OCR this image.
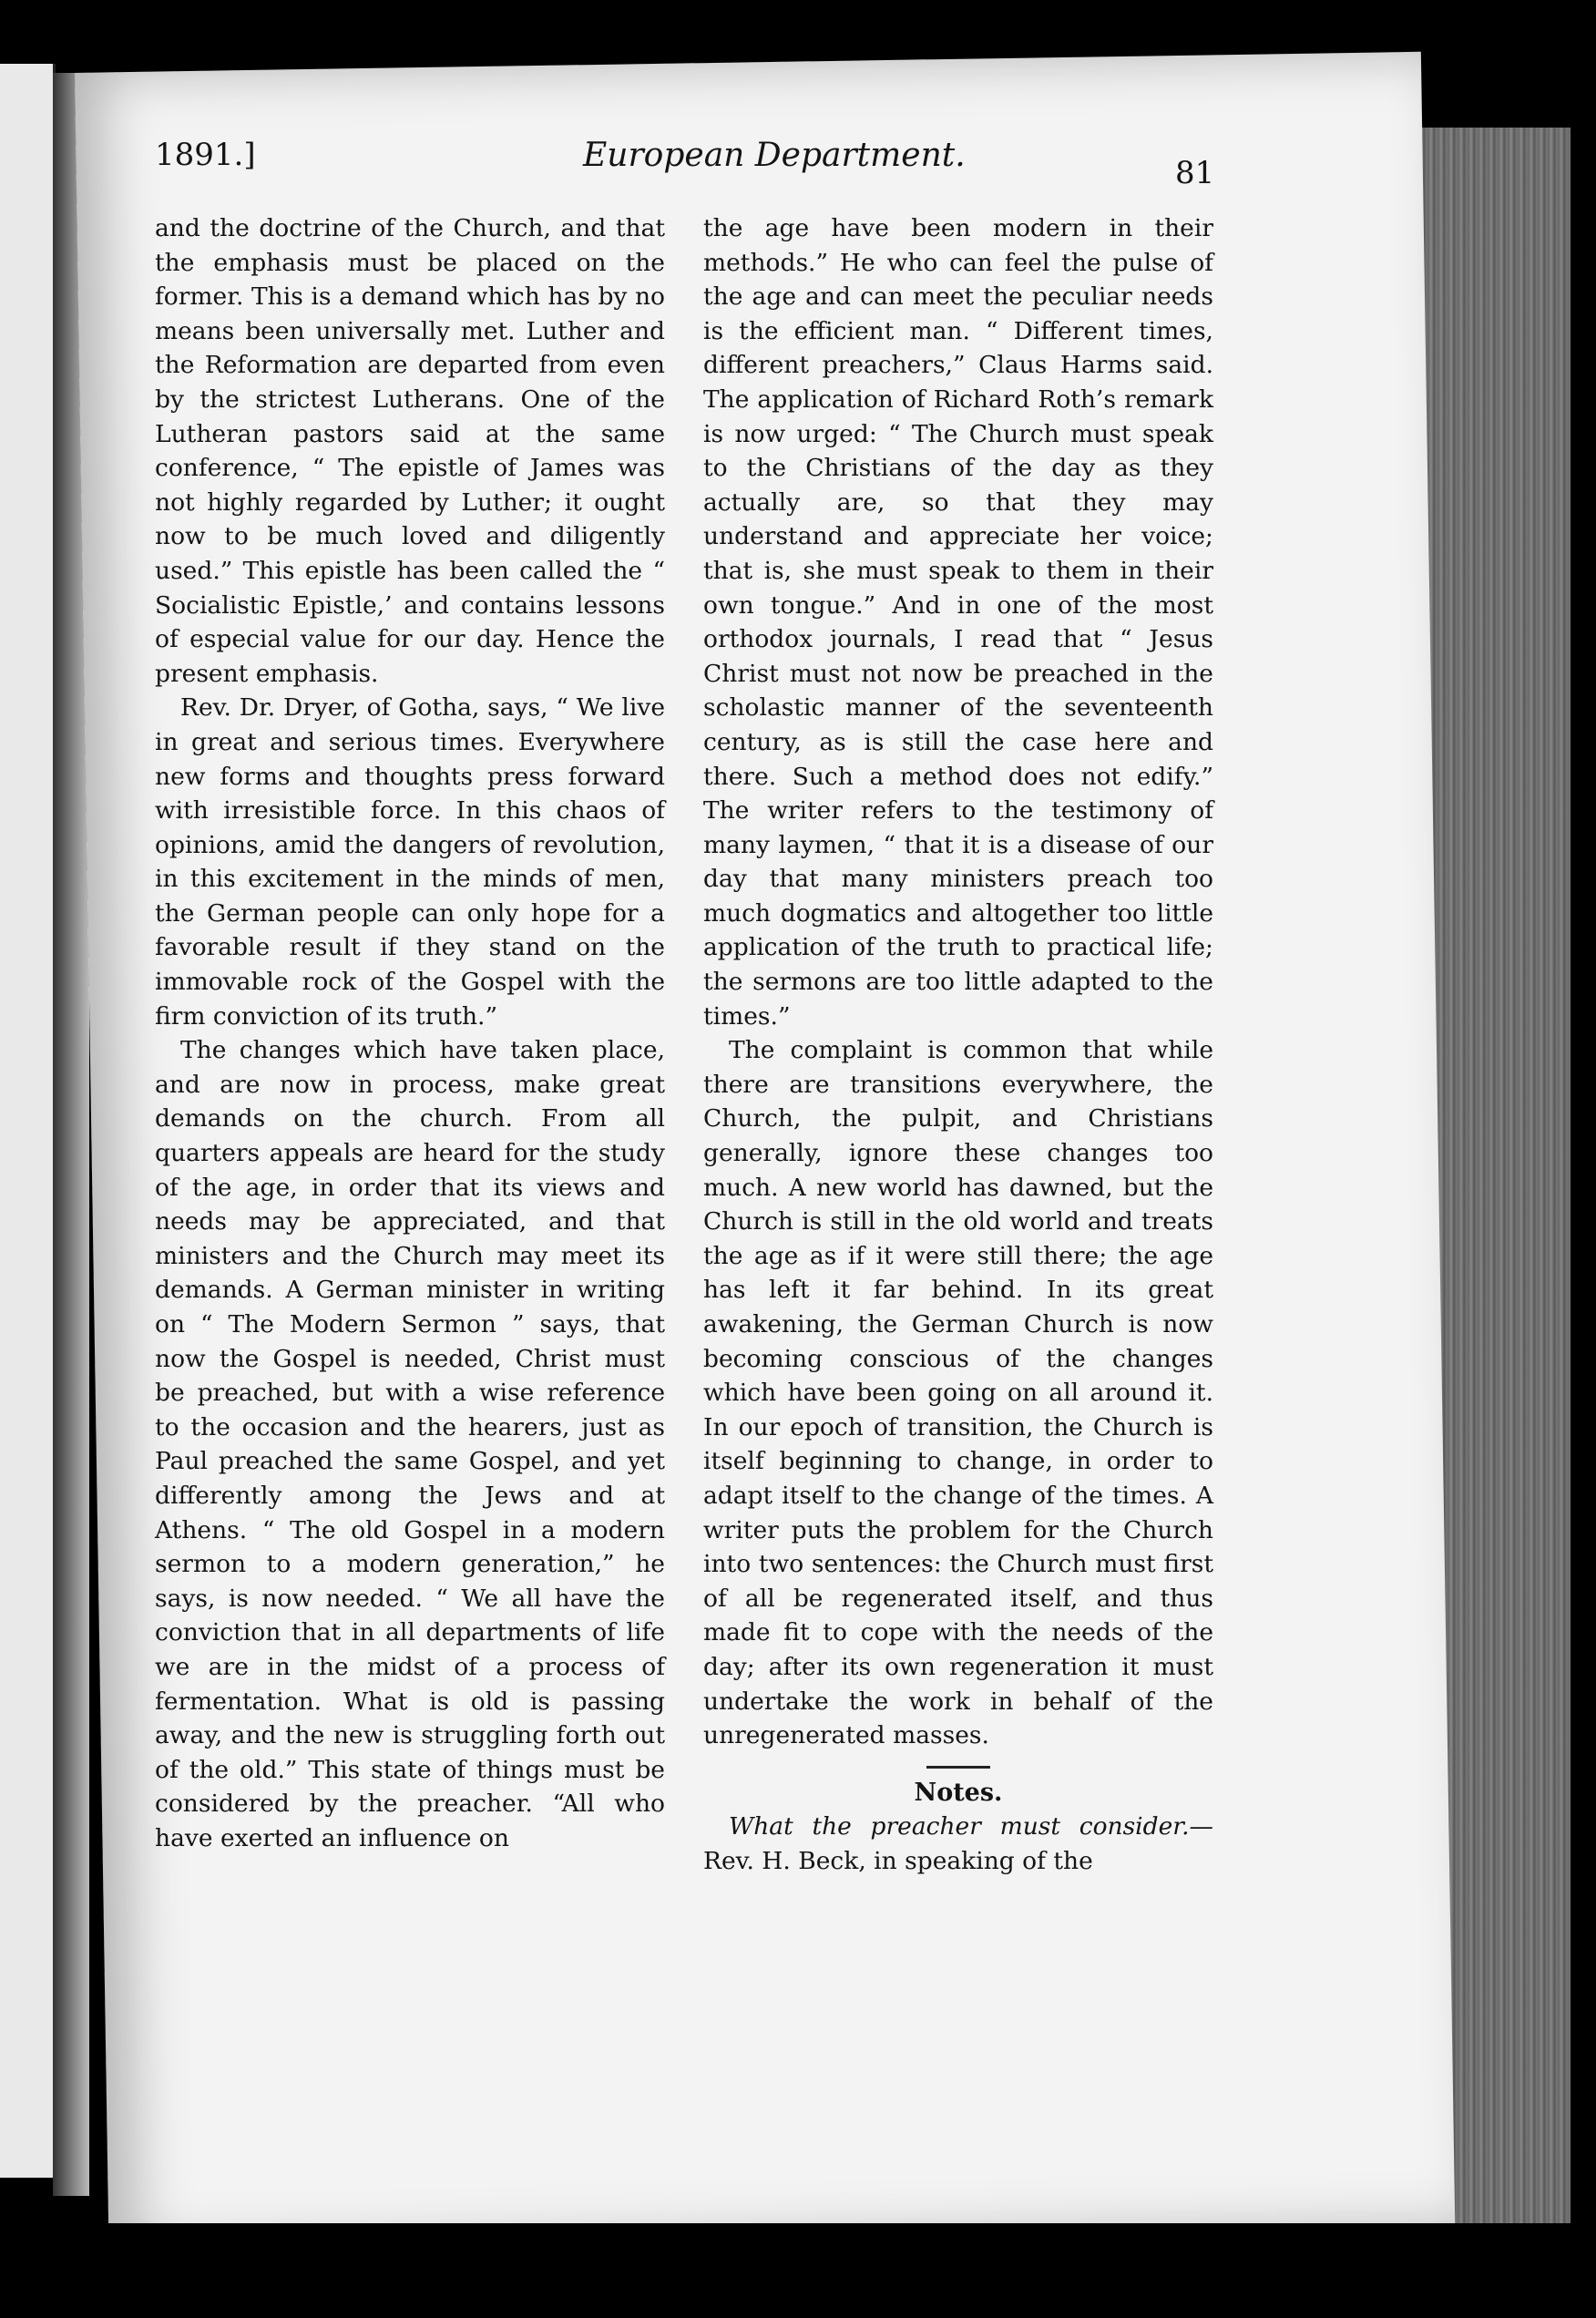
1891.]	European Department.	81

and the doctrine of the Church, and that the emphasis must be placed on the former. This is a demand which has by no means been universally met. Luther and the Reformation are departed from even by the strictest Lutherans. One of the Lutheran pastors said at the same conference, “ The epistle of James was not highly regarded by Luther; it ought now to be much loved and diligently used.” This epistle has been called the “ Socialistic Epistle,’ and contains lessons of especial value for our day. Hence the present emphasis.

Rev. Dr. Dryer, of Gotha, says, “ We live in great and serious times. Everywhere new forms and thoughts press forward with irresistible force. In this chaos of opinions, amid the dangers of revolution, in this excitement in the minds of men, the German people can only hope for a favorable result if they stand on the immovable rock of the Gospel with the firm conviction of its truth.”

The changes which have taken place, and are now in process, make great demands on the church. From all quarters appeals are heard for the study of the age, in order that its views and needs may be appreciated, and that ministers and the Church may meet its demands. A German minister in writing on “ The Modern Sermon ” says, that now the Gospel is needed, Christ must be preached, but with a wise reference to the occasion and the hearers, just as Paul preached the same Gospel, and yet differently among the Jews and at Athens. “ The old Gospel in a modern sermon to a modern generation,” he says, is now needed. “ We all have the conviction that in all departments of life we are in the midst of a process of fermentation. What is old is passing away, and the new is struggling forth out of the old.” This state of things must be considered by the preacher. “All who have exerted an influence on

the age have been modern in their methods.” He who can feel the pulse of the age and can meet the peculiar needs is the efficient man. “ Different times, different preachers,” Claus Harms said. The application of Richard Roth’s remark is now urged: “ The Church must speak to the Christians of the day as they actually are, so that they may understand and appreciate her voice; that is, she must speak to them in their own tongue.” And in one of the most orthodox journals, I read that “ Jesus Christ must not now be preached in the scholastic manner of the seventeenth century, as is still the case here and there. Such a method does not edify.” The writer refers to the testimony of many laymen, “ that it is a disease of our day that many ministers preach too much dogmatics and altogether too little application of the truth to practical life; the sermons are too little adapted to the times.”

The complaint is common that while there are transitions everywhere, the Church, the pulpit, and Christians generally, ignore these changes too much. A new world has dawned, but the Church is still in the old world and treats the age as if it were still there; the age has left it far behind. In its great awakening, the German Church is now becoming conscious of the changes which have been going on all around it. In our epoch of transition, the Church is itself beginning to change, in order to adapt itself to the change of the times. A writer puts the problem for the Church into two sentences: the Church must first of all be regenerated itself, and thus made fit to cope with the needs of the day; after its own regeneration it must undertake the work in behalf of the unregenerated masses.

Notes.

What the preacher must consider.— Rev. H. Beck, in speaking of the
